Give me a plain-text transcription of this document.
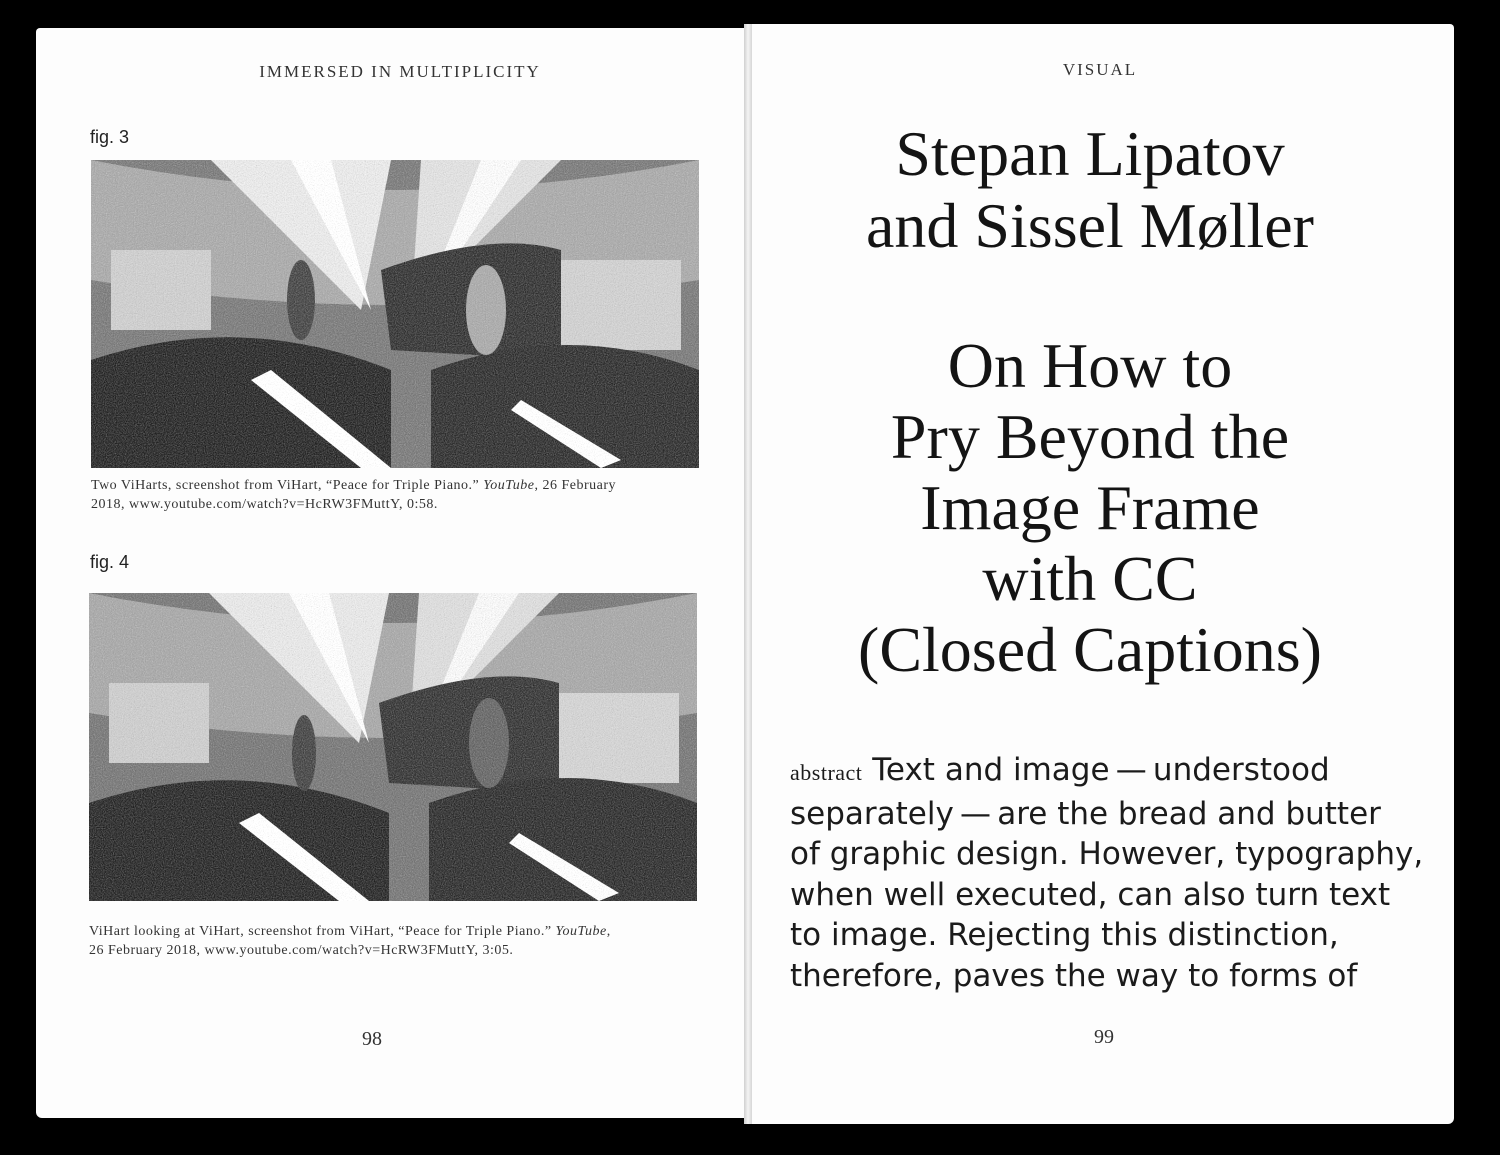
IMMERSED IN MULTIPLICITY
fig. 3
Two ViHarts, screenshot from ViHart, “Peace for Triple Piano.” YouTube, 26 February
2018, www.youtube.com/watch?v=HcRW3FMuttY, 0:58.
fig. 4
ViHart looking at ViHart, screenshot from ViHart, “Peace for Triple Piano.” YouTube,
26 February 2018, www.youtube.com/watch?v=HcRW3FMuttY, 3:05.
98
VISUAL
Stepan Lipatov
and Sissel Møller
On How to
Pry Beyond the
Image Frame
with CC
(Closed Captions)
abstract Text and image — understood
separately — are the bread and butter
of graphic design. However, typography,
when well executed, can also turn text
to image. Rejecting this distinction,
therefore, paves the way to forms of
99
